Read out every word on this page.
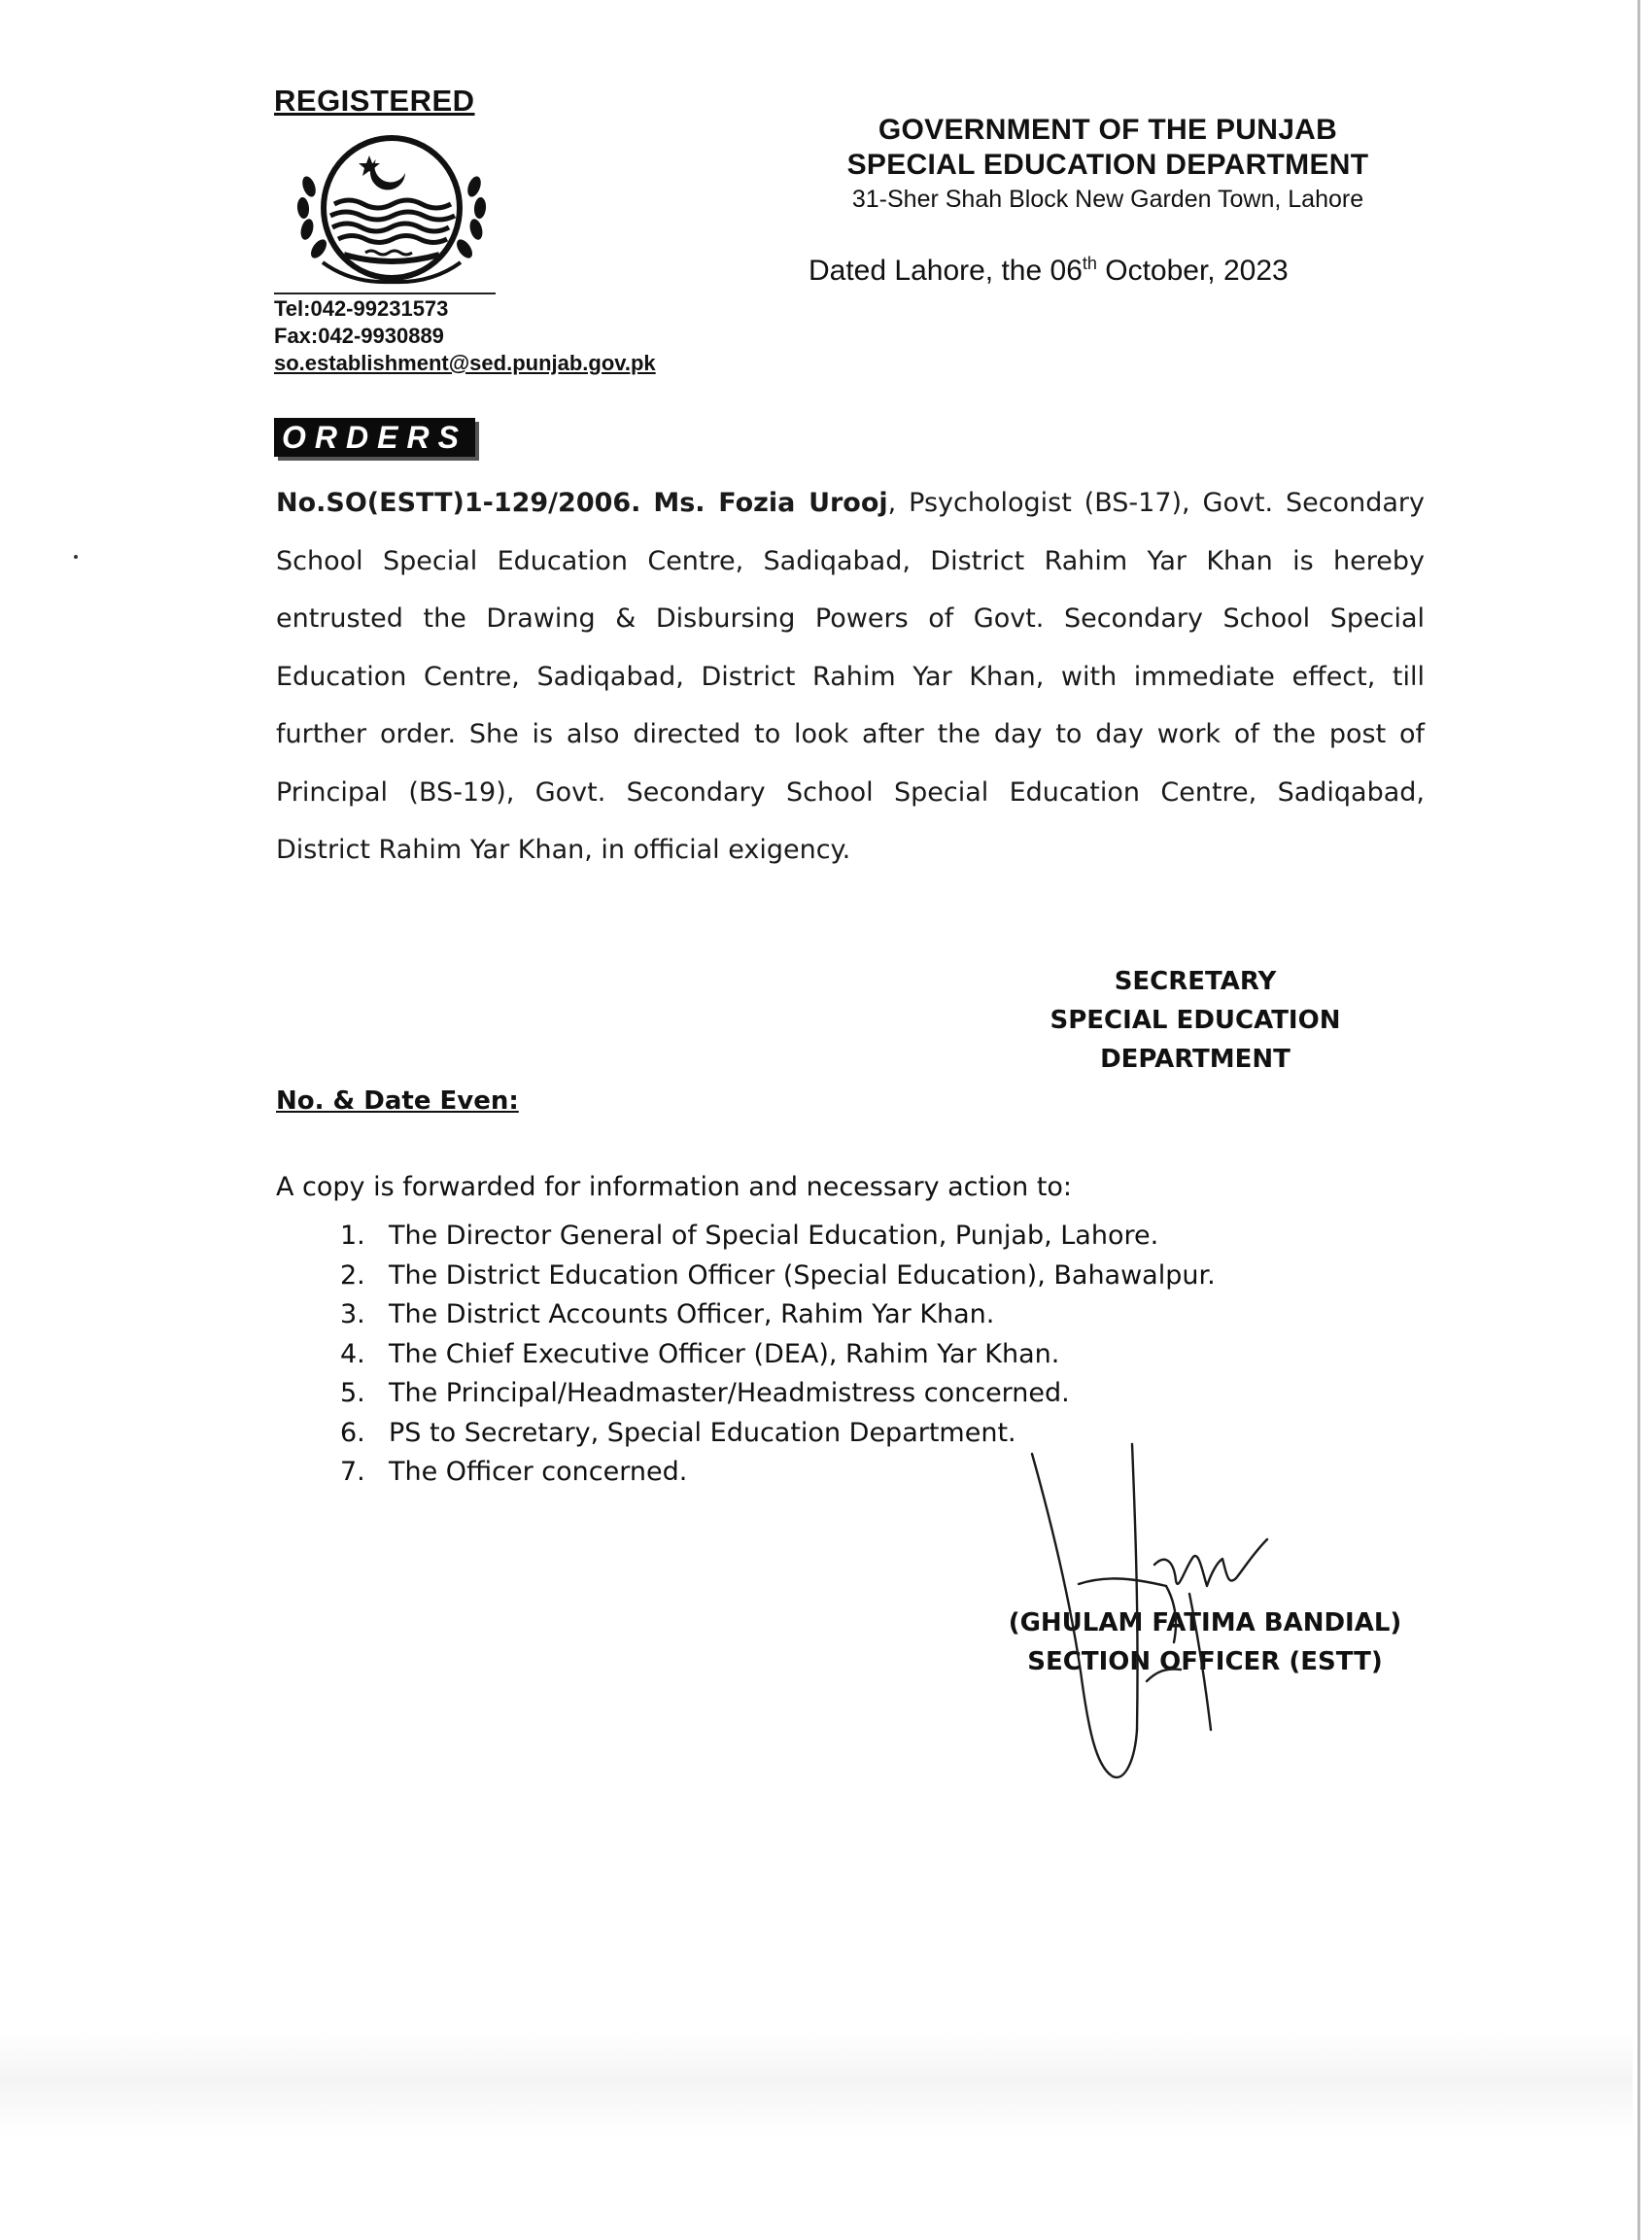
REGISTERED
Tel:042-99231573
Fax:042-9930889
so.establishment@sed.punjab.gov.pk
GOVERNMENT OF THE PUNJAB
SPECIAL EDUCATION DEPARTMENT
31-Sher Shah Block New Garden Town, Lahore
Dated Lahore, the 06th October, 2023
ORDERS
No.SO(ESTT)1-129/2006. Ms. Fozia Urooj, Psychologist (BS-17), Govt. Secondary School Special Education Centre, Sadiqabad, District Rahim Yar Khan is hereby entrusted the Drawing & Disbursing Powers of Govt. Secondary School Special Education Centre, Sadiqabad, District Rahim Yar Khan, with immediate effect, till further order. She is also directed to look after the day to day work of the post of Principal (BS-19), Govt. Secondary School Special Education Centre, Sadiqabad, District Rahim Yar Khan, in official exigency.
SECRETARY
SPECIAL EDUCATION
DEPARTMENT
No. & Date Even:
A copy is forwarded for information and necessary action to:
1. The Director General of Special Education, Punjab, Lahore.
2. The District Education Officer (Special Education), Bahawalpur.
3. The District Accounts Officer, Rahim Yar Khan.
4. The Chief Executive Officer (DEA), Rahim Yar Khan.
5. The Principal/Headmaster/Headmistress concerned.
6. PS to Secretary, Special Education Department.
7. The Officer concerned.
(GHULAM FATIMA BANDIAL)
SECTION OFFICER (ESTT)
